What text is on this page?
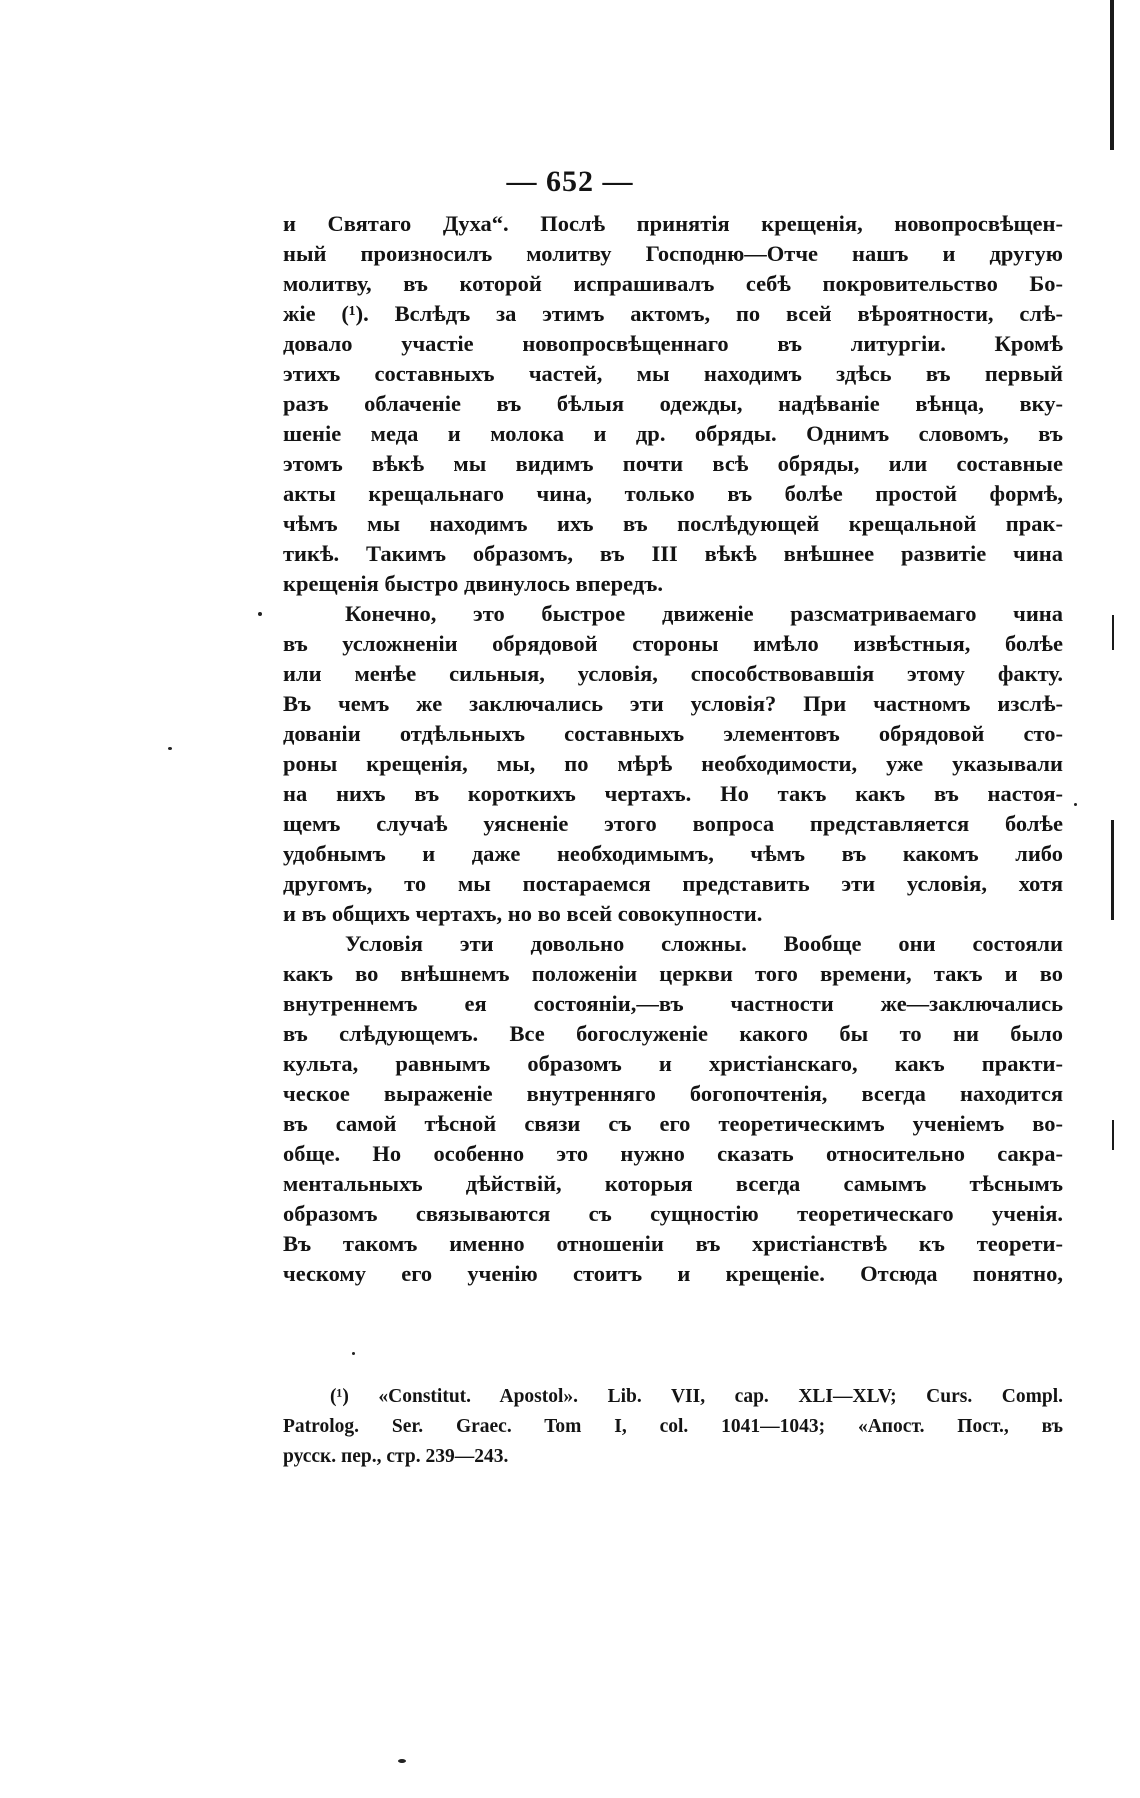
— 652 —
и Святаго Духа“. Послѣ принятія крещенія, новопросвѣщен-
ный произносилъ молитву Господню—Отче нашъ и другую
молитву, въ которой испрашивалъ себѣ покровительство Бо-
жіе (¹). Вслѣдъ за этимъ актомъ, по всей вѣроятности, слѣ-
довало участіе новопросвѣщеннаго въ литургіи. Кромѣ
этихъ составныхъ частей, мы находимъ здѣсь въ первый
разъ облаченіе въ бѣлыя одежды, надѣваніе вѣнца, вку-
шеніе меда и молока и др. обряды. Однимъ словомъ, въ
этомъ вѣкѣ мы видимъ почти всѣ обряды, или составные
акты крещальнаго чина, только въ болѣе простой формѣ,
чѣмъ мы находимъ ихъ въ послѣдующей крещальной прак-
тикѣ. Такимъ образомъ, въ III вѣкѣ внѣшнее развитіе чина
крещенія быстро двинулось впередъ.
Конечно, это быстрое движеніе разсматриваемаго чина
въ усложненіи обрядовой стороны имѣло извѣстныя, болѣе
или менѣе сильныя, условія, способствовавшія этому факту.
Въ чемъ же заключались эти условія? При частномъ изслѣ-
дованіи отдѣльныхъ составныхъ элементовъ обрядовой сто-
роны крещенія, мы, по мѣрѣ необходимости, уже указывали
на нихъ въ короткихъ чертахъ. Но такъ какъ въ настоя-
щемъ случаѣ уясненіе этого вопроса представляется болѣе
удобнымъ и даже необходимымъ, чѣмъ въ какомъ либо
другомъ, то мы постараемся представить эти условія, хотя
и въ общихъ чертахъ, но во всей совокупности.
Условія эти довольно сложны. Вообще они состояли
какъ во внѣшнемъ положеніи церкви того времени, такъ и во
внутреннемъ ея состояніи,—въ частности же—заключались
въ слѣдующемъ. Все богослуженіе какого бы то ни было
культа, равнымъ образомъ и христіанскаго, какъ практи-
ческое выраженіе внутренняго богопочтенія, всегда находится
въ самой тѣсной связи съ его теоретическимъ ученіемъ во-
обще. Но особенно это нужно сказать относительно сакра-
ментальныхъ дѣйствій, которыя всегда самымъ тѣснымъ
образомъ связываются съ сущностію теоретическаго ученія.
Въ такомъ именно отношеніи въ христіанствѣ къ теорети-
ческому его ученію стоитъ и крещеніе. Отсюда понятно,
(¹) «Constitut. Apostol». Lib. VII, cap. XLI—XLV; Curs. Compl.
Patrolog. Ser. Graec. Tom I, col. 1041—1043; «Апост. Пост., въ
русск. пер., стр. 239—243.
